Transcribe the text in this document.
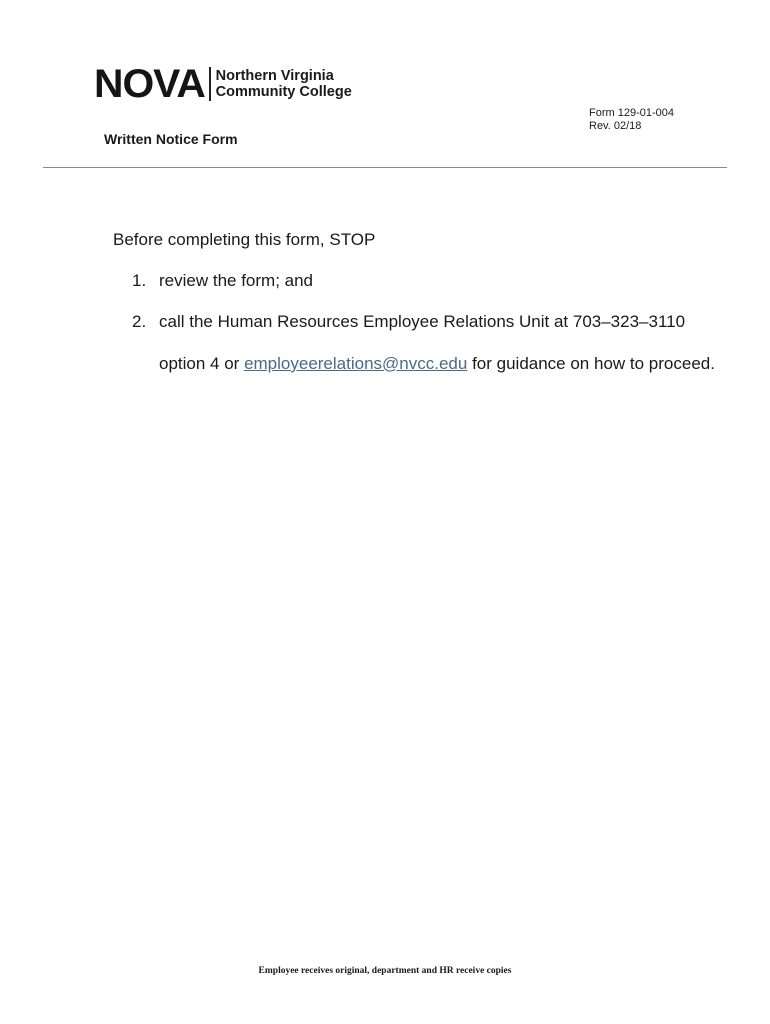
NOVA Northern Virginia
Community College
Form 129-01-004
Rev. 02/18
Written Notice Form

Before completing this form, STOP

1. review the form; and
2. call the Human Resources Employee Relations Unit at 703–323–3110 option 4 or employeerelations@nvcc.edu for guidance on how to proceed.
Employee receives original, department and HR receive copies
